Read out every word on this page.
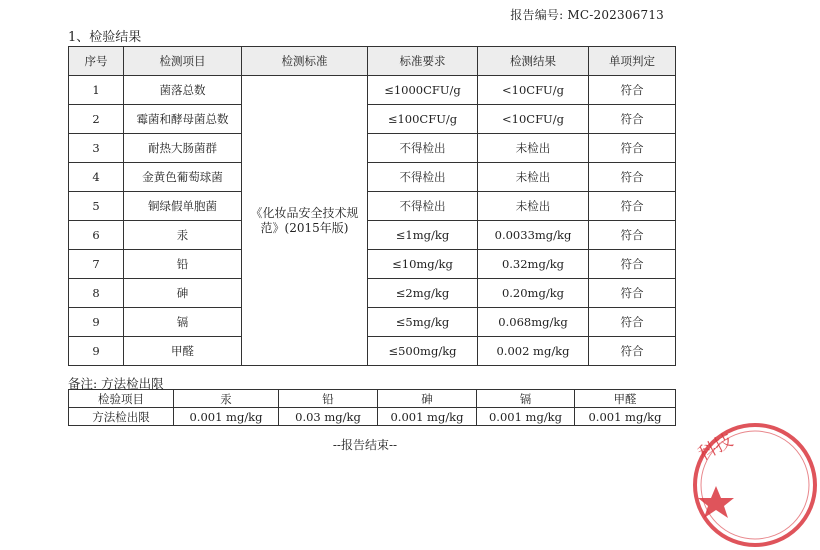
报告编号: MC-202306713
1、检验结果
序号	检测项目	检测标准	标准要求	检测结果	单项判定
1	菌落总数	《化妆品安全技术规范》(2015年版)	≤1000CFU/g	<10CFU/g	符合
2	霉菌和酵母菌总数		≤100CFU/g	<10CFU/g	符合
3	耐热大肠菌群		不得检出	未检出	符合
4	金黄色葡萄球菌		不得检出	未检出	符合
5	铜绿假单胞菌		不得检出	未检出	符合
6	汞		≤1mg/kg	0.0033mg/kg	符合
7	铅		≤10mg/kg	0.32mg/kg	符合
8	砷		≤2mg/kg	0.20mg/kg	符合
9	镉		≤5mg/kg	0.068mg/kg	符合
9	甲醛		≤500mg/kg	0.002 mg/kg	符合
备注: 方法检出限
检验项目	汞	铅	砷	镉	甲醛
方法检出限	0.001 mg/kg	0.03 mg/kg	0.001 mg/kg	0.001 mg/kg	0.001 mg/kg
--报告结束--	科技
